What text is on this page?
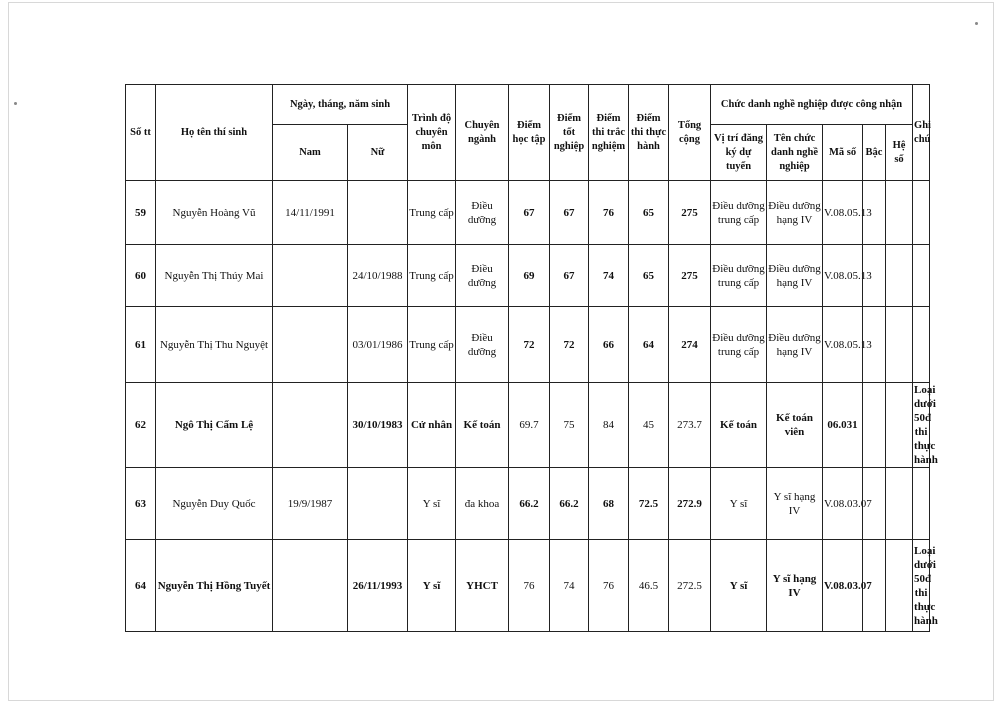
Số tt	Họ tên thí sinh	Ngày, tháng, năm sinh		Trình độ chuyên môn	Chuyên ngành	Điểm học tập	Điểm tốt nghiệp	Điểm thi trắc nghiệm	Điểm thi thực hành	Tổng cộng	Chức danh nghề nghiệp được công nhận					Ghi chú
		Nam	Nữ								Vị trí đăng ký dự tuyển	Tên chức danh nghề nghiệp	Mã số	Bậc	Hệ số	
59	Nguyễn Hoàng Vũ	14/11/1991		Trung cấp	Điều dưỡng	67	67	76	65	275	Điều dưỡng trung cấp	Điều dưỡng hạng IV	V.08.05.13			
60	Nguyễn Thị Thúy Mai		24/10/1988	Trung cấp	Điều dưỡng	69	67	74	65	275	Điều dưỡng trung cấp	Điều dưỡng hạng IV	V.08.05.13			
61	Nguyễn Thị Thu Nguyệt		03/01/1986	Trung cấp	Điều dưỡng	72	72	66	64	274	Điều dưỡng trung cấp	Điều dưỡng hạng IV	V.08.05.13			
62	Ngô Thị Cẩm Lệ		30/10/1983	Cử nhân	Kế toán	69.7	75	84	45	273.7	Kế toán	Kế toán viên	06.031			Loại dưới 50đ thi thực hành
63	Nguyễn Duy Quốc	19/9/1987		Y sĩ	đa khoa	66.2	66.2	68	72.5	272.9	Y sĩ	Y sĩ hạng IV	V.08.03.07			
64	Nguyễn Thị Hồng Tuyết		26/11/1993	Y sĩ	YHCT	76	74	76	46.5	272.5	Y sĩ	Y sĩ hạng IV	V.08.03.07			Loại dưới 50đ thi thực hành
